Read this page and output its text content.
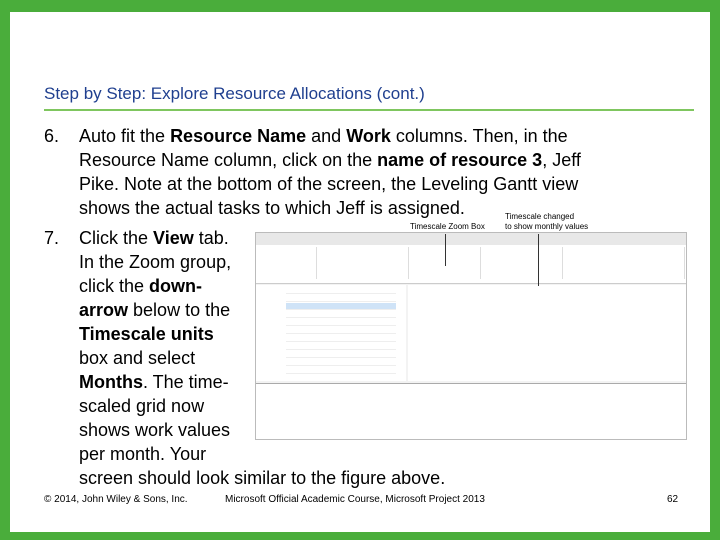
Step by Step: Explore Resource Allocations (cont.)
6. Auto fit the Resource Name and Work columns. Then, in the
Resource Name column, click on the name of resource 3, Jeff
Pike. Note at the bottom of the screen, the Leveling Gantt view
shows the actual tasks to which Jeff is assigned.
7. Click the View tab.
In the Zoom group,
click the down-
arrow below to the
Timescale units
box and select
Months. The time-
scaled grid now
shows work values
per month. Your
screen should look similar to the figure above.
Timescale Zoom Box
Timescale changed
to show monthly values
© 2014, John Wiley & Sons, Inc.	Microsoft Official Academic Course, Microsoft Project 2013	62
